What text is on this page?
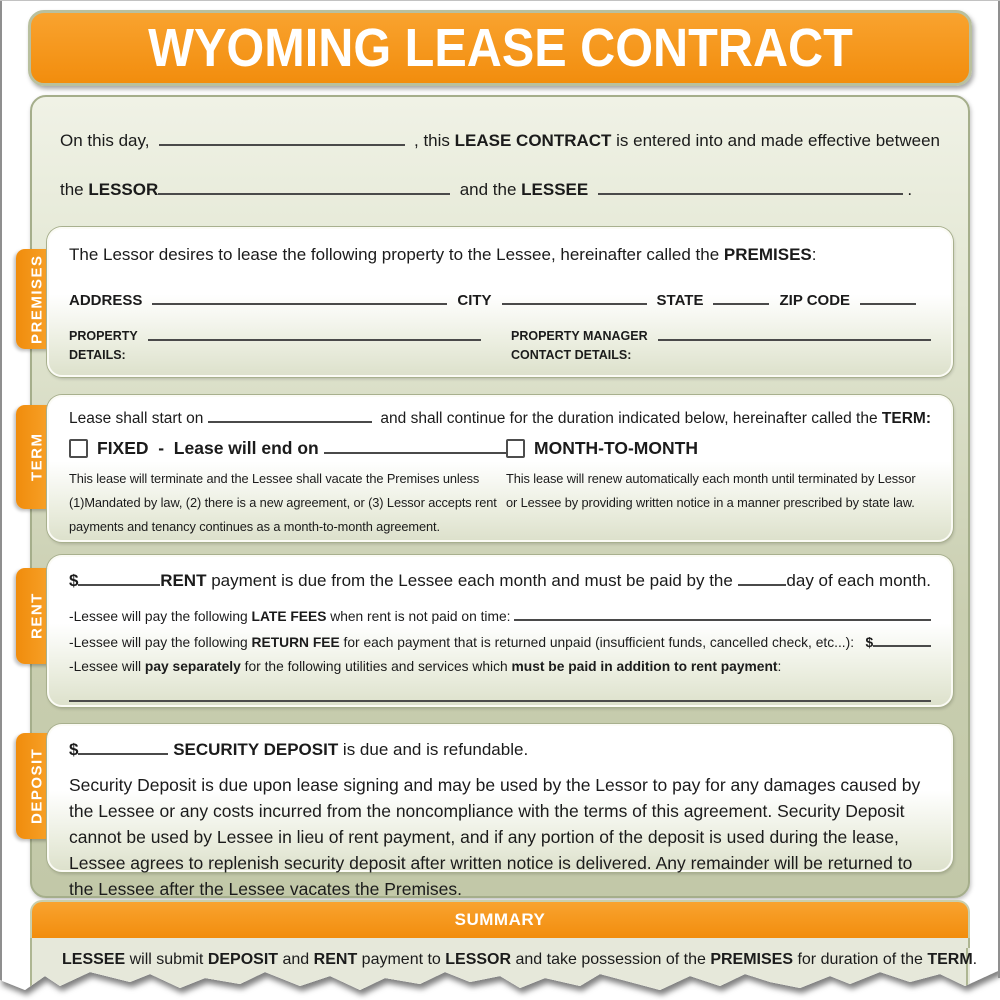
WYOMING LEASE CONTRACT
On this day,	, this LEASE CONTRACT is entered into and made effective between
the LESSOR	and the LESSEE
	.
PREMISES
TERM
RENT
DEPOSIT
The Lessor desires to lease the following property to the Lessee, hereinafter called the PREMISES :
ADDRESS	CITY	STATE	ZIP CODE
PROPERTY
DETAILS:
PROPERTY MANAGER
CONTACT DETAILS:
Lease shall start on	and shall continue for the duration indicated below, hereinafter called the TERM:
FIXED  -  Lease will end on
This lease will terminate and the Lessee shall vacate the Premises unless
(1)Mandated by law, (2) there is a new agreement, or (3) Lessor accepts rent
payments and tenancy continues as a month-to-month agreement.
MONTH-TO-MONTH
This lease will renew automatically each month until terminated by Lessor
or Lessee by providing written notice in a manner prescribed by state law.
$	RENT payment is due from the Lessee each month and must be paid by the	day of each month.
-Lessee will pay the following LATE FEES when rent is not paid on time:
-Lessee will pay the following RETURN FEE for each payment that is returned unpaid (insufficient funds, cancelled check, etc...): $
-Lessee will pay separately for the following utilities and services which must be paid in addition to rent payment :
$
	SECURITY DEPOSIT is due and is refundable.
Security Deposit is due upon lease signing and may be used by the Lessor to pay for any damages caused by the Lessee or any costs incurred from the noncompliance with the terms of this agreement. Security Deposit cannot be used by Lessee in lieu of rent payment, and if any portion of the deposit is used during the lease, Lessee agrees to replenish security deposit after written notice is delivered. Any remainder will be returned to the Lessee after the Lessee vacates the Premises.
SUMMARY
LESSEE will submit DEPOSIT and RENT payment to LESSOR and take possession of the PREMISES for duration of the TERM .
